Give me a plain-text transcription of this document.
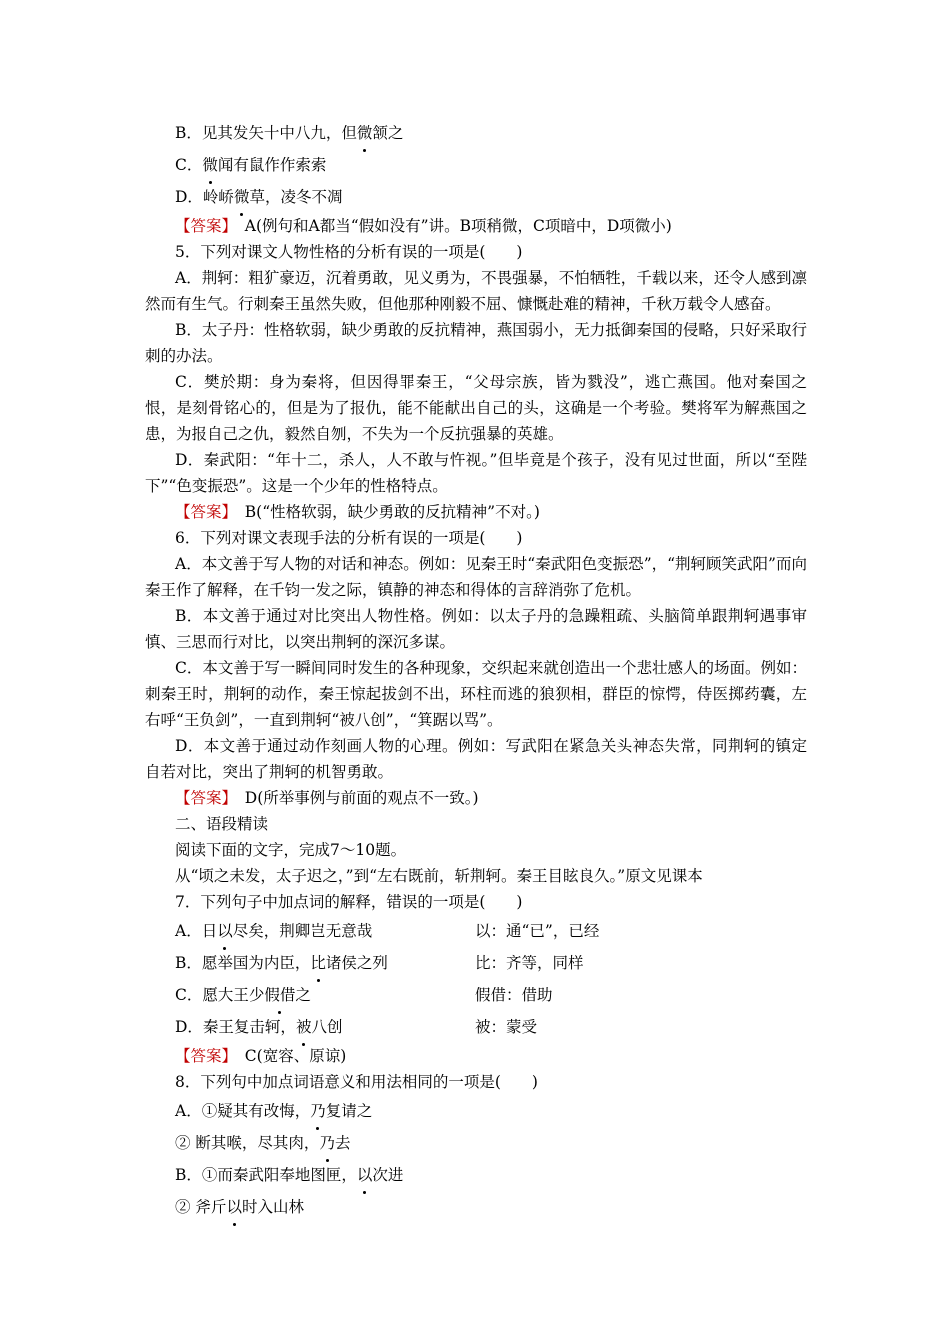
B．见其发矢十中八九，但微颔之
C．微闻有鼠作作索索
D．岭峤微草，凌冬不凋
【答案】　 A(例句和A都当“假如没有”讲。B项稍微，C项暗中，D项微小)
5．下列对课文人物性格的分析有误的一项是(　　)
A．荆轲：粗犷豪迈，沉着勇敢，见义勇为，不畏强暴，不怕牺牲，千载以来，还令人感到凛然而有生气。行刺秦王虽然失败，但他那种刚毅不屈、慷慨赴难的精神，千秋万载令人感奋。
B．太子丹：性格软弱，缺少勇敢的反抗精神，燕国弱小，无力抵御秦国的侵略，只好采取行刺的办法。
C．樊於期：身为秦将，但因得罪秦王，“父母宗族，皆为戮没”，逃亡燕国。他对秦国之恨，是刻骨铭心的，但是为了报仇，能不能献出自己的头，这确是一个考验。樊将军为解燕国之患，为报自己之仇，毅然自刎，不失为一个反抗强暴的英雄。
D．秦武阳：“年十二，杀人，人不敢与忤视。”但毕竟是个孩子，没有见过世面，所以“至陛下”“色变振恐”。这是一个少年的性格特点。
【答案】　 B(“性格软弱，缺少勇敢的反抗精神”不对。)
6．下列对课文表现手法的分析有误的一项是(　　)
A．本文善于写人物的对话和神态。例如：见秦王时“秦武阳色变振恐”，“荆轲顾笑武阳”而向秦王作了解释，在千钧一发之际，镇静的神态和得体的言辞消弥了危机。
B．本文善于通过对比突出人物性格。例如：以太子丹的急躁粗疏、头脑简单跟荆轲遇事审慎、三思而行对比，以突出荆轲的深沉多谋。
C．本文善于写一瞬间同时发生的各种现象，交织起来就创造出一个悲壮感人的场面。例如：刺秦王时，荆轲的动作，秦王惊起拔剑不出，环柱而逃的狼狈相，群臣的惊愕，侍医掷药囊，左右呼“王负剑”，一直到荆轲“被八创”，“箕踞以骂”。
D．本文善于通过动作刻画人物的心理。例如：写武阳在紧急关头神态失常，同荆轲的镇定自若对比，突出了荆轲的机智勇敢。
【答案】　 D(所举事例与前面的观点不一致。)
二、语段精读
阅读下面的文字，完成7～10题。
从“顷之未发，太子迟之，”到“左右既前，斩荆轲。秦王目眩良久。”原文见课本
7．下列句子中加点词的解释，错误的一项是(　　)
A．日以尽矣，荆卿岂无意哉	以：通“已”，已经
B．愿举国为内臣，比诸侯之列	比：齐等，同样
C．愿大王少假借之	假借：借助
D．秦王复击轲，被八创	被：蒙受
【答案】　 C(宽容、原谅)
8．下列句中加点词语意义和用法相同的一项是(　　)
A．①疑其有改悔，乃复请之
② 断其喉，尽其肉，乃去
B．①而秦武阳奉地图匣，以次进
② 斧斤以时入山林
